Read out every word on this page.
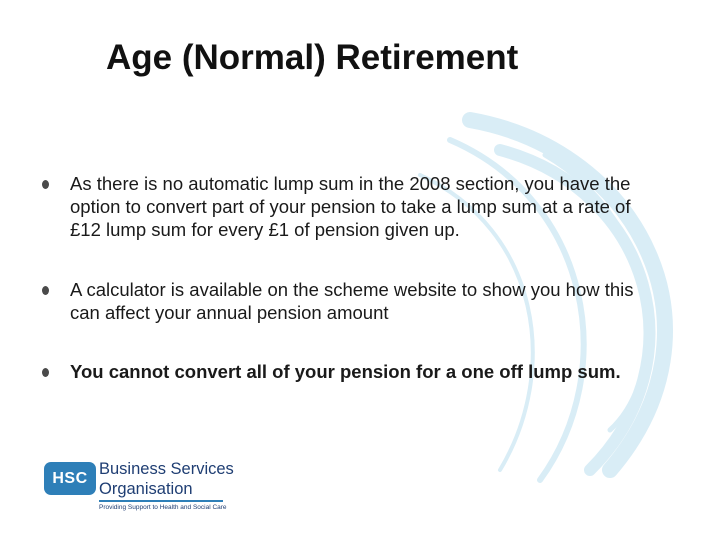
Age (Normal) Retirement
As there is no automatic lump sum in the 2008 section, you have the
option to convert part of your pension to take a lump sum at a rate of
£12 lump sum for every £1 of pension given up.
A calculator is available on the scheme website to show you how this
can affect your annual pension amount
You cannot convert all of your pension for a one off lump sum.
HSC
Business Services
Organisation
Providing Support to Health and Social Care
